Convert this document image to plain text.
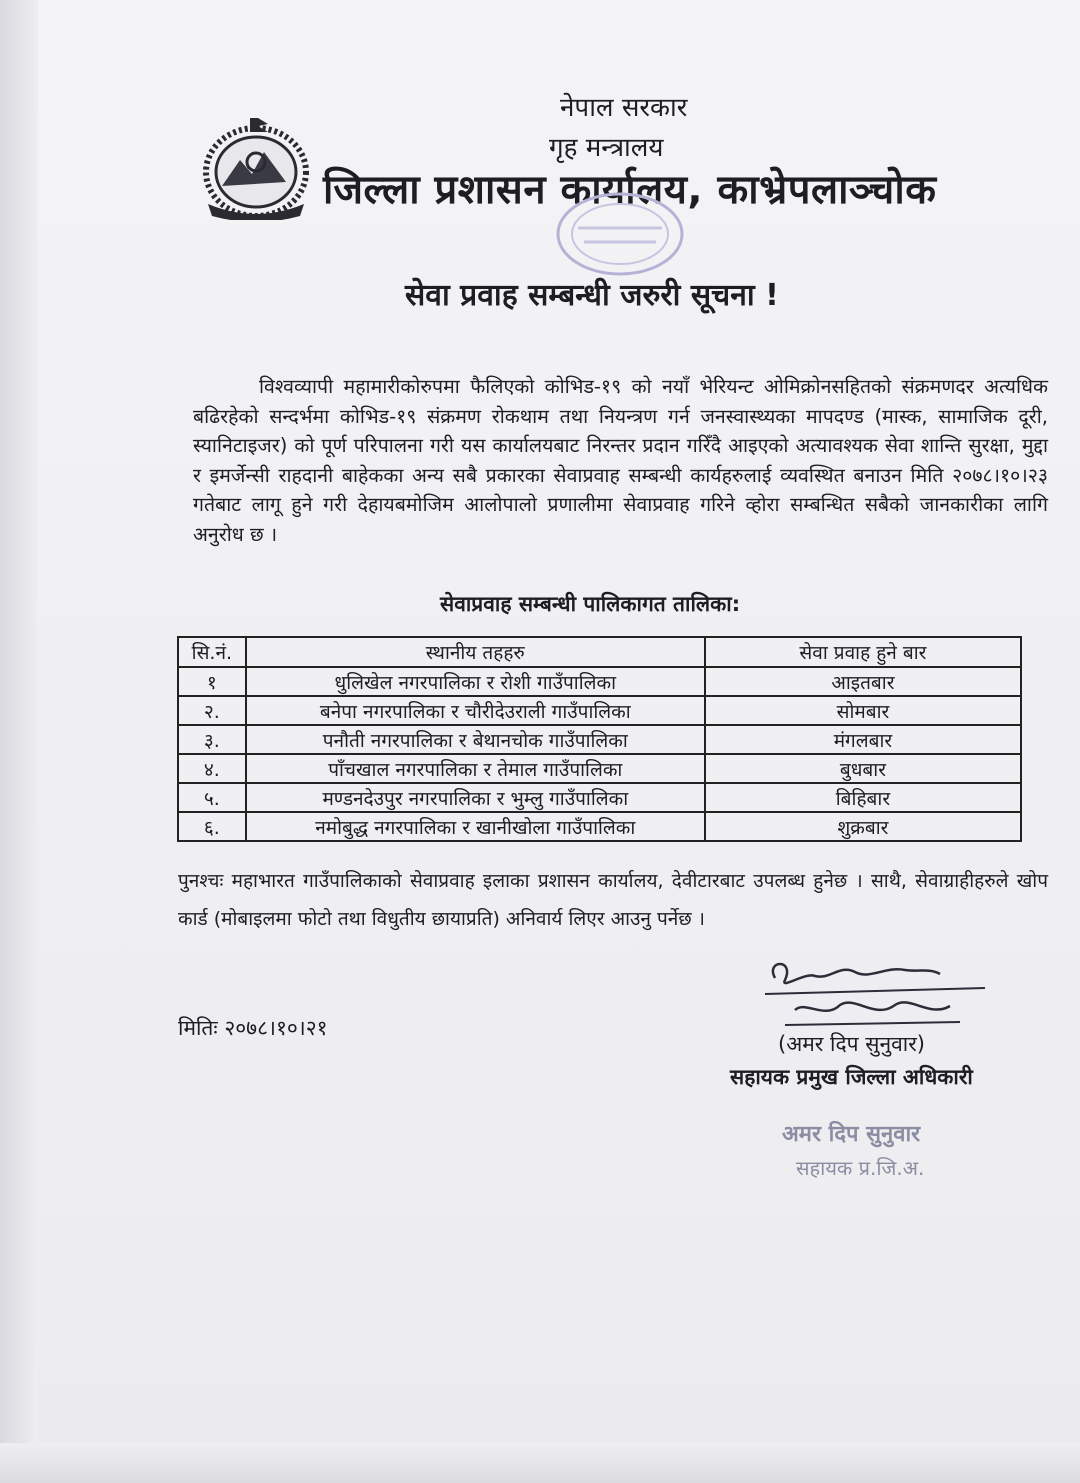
नेपाल सरकार
गृह मन्त्रालय
जिल्ला प्रशासन कार्यालय, काभ्रेपलाञ्चोक
सेवा प्रवाह सम्बन्धी जरुरी सूचना !
विश्वव्यापी महामारीकोरुपमा फैलिएको कोभिड-१९ को नयाँ भेरियन्ट ओमिक्रोनसहितको संक्रमणदर अत्यधिक बढिरहेको सन्दर्भमा कोभिड-१९ संक्रमण रोकथाम तथा नियन्त्रण गर्न जनस्वास्थ्यका मापदण्ड (मास्क, सामाजिक दूरी, स्यानिटाइजर) को पूर्ण परिपालना गरी यस कार्यालयबाट निरन्तर प्रदान गरिँदै आइएको अत्यावश्यक सेवा शान्ति सुरक्षा, मुद्दा र इमर्जेन्सी राहदानी बाहेकका अन्य सबै प्रकारका सेवाप्रवाह सम्बन्धी कार्यहरुलाई व्यवस्थित बनाउन मिति २०७८।१०।२३ गतेबाट लागू हुने गरी देहायबमोजिम आलोपालो प्रणालीमा सेवाप्रवाह गरिने व्होरा सम्बन्धित सबैको जानकारीका लागि अनुरोध छ ।
सेवाप्रवाह सम्बन्धी पालिकागत तालिका:
सि.नं.	स्थानीय तहहरु	सेवा प्रवाह हुने बार
१	धुलिखेल नगरपालिका र रोशी गाउँपालिका	आइतबार
२.	बनेपा नगरपालिका र चौरीदेउराली गाउँपालिका	सोमबार
३.	पनौती नगरपालिका र बेथानचोक गाउँपालिका	मंगलबार
४.	पाँचखाल नगरपालिका र तेमाल गाउँपालिका	बुधबार
५.	मण्डनदेउपुर नगरपालिका र भुम्लु गाउँपालिका	बिहिबार
६.	नमोबुद्ध नगरपालिका र खानीखोला गाउँपालिका	शुक्रबार
पुनश्चः महाभारत गाउँपालिकाको सेवाप्रवाह इलाका प्रशासन कार्यालय, देवीटारबाट उपलब्ध हुनेछ । साथै, सेवाग्राहीहरुले खोप कार्ड (मोबाइलमा फोटो तथा विधुतीय छायाप्रति) अनिवार्य लिएर आउनु पर्नेछ ।
मितिः २०७८।१०।२१
(अमर दिप सुनुवार)
सहायक प्रमुख जिल्ला अधिकारी
अमर दिप सुनुवार
सहायक प्र.जि.अ.
